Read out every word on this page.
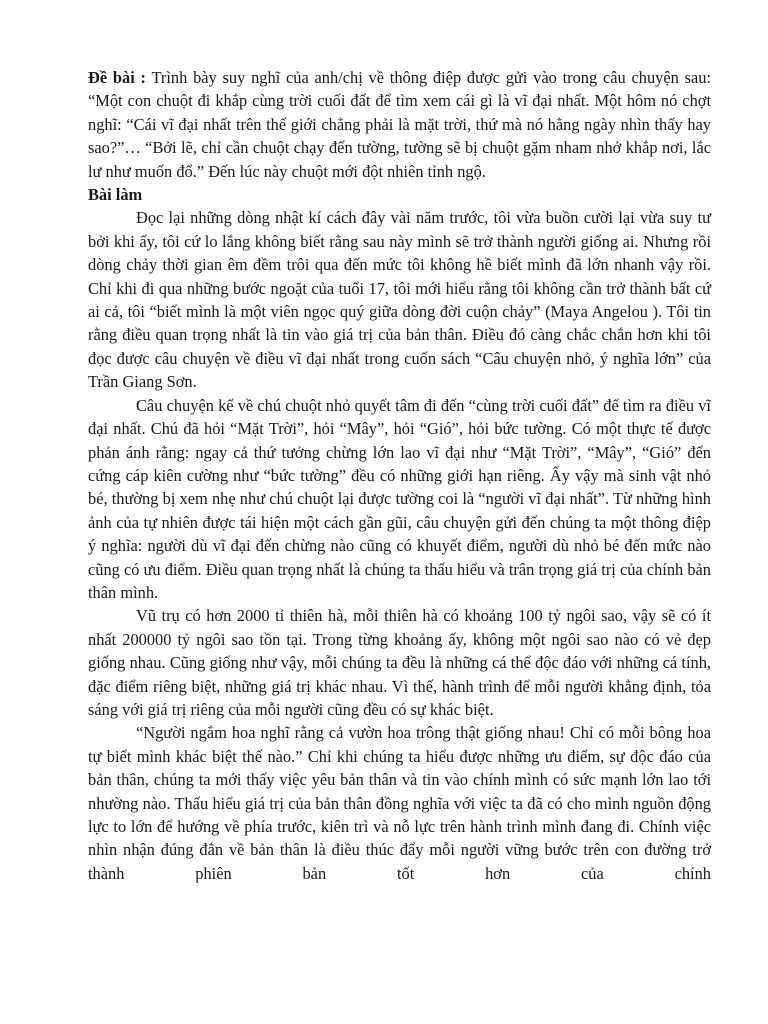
Đề bài : Trình bày suy nghĩ của anh/chị về thông điệp được gửi vào trong câu chuyện sau: “Một con chuột đi khắp cùng trời cuối đất để tìm xem cái gì là vĩ đại nhất. Một hôm nó chợt nghĩ: “Cái vĩ đại nhất trên thế giới chẳng phải là mặt trời, thứ mà nó hằng ngày nhìn thấy hay sao?”… “Bởi lẽ, chỉ cần chuột chạy đến tường, tường sẽ bị chuột gặm nham nhở khắp nơi, lắc lư như muốn đổ.” Đến lúc này chuột mới đột nhiên tỉnh ngộ.

Bài làm

Đọc lại những dòng nhật kí cách đây vài năm trước, tôi vừa buồn cười lại vừa suy tư bởi khi ấy, tôi cứ lo lắng không biết rằng sau này mình sẽ trở thành người giống ai. Nhưng rồi dòng chảy thời gian êm đềm trôi qua đến mức tôi không hề biết mình đã lớn nhanh vậy rồi. Chỉ khi đi qua những bước ngoặt của tuổi 17, tôi mới hiểu rằng tôi không cần trở thành bất cứ ai cả, tôi “biết mình là một viên ngọc quý giữa dòng đời cuộn chảy” (Maya Angelou ). Tôi tin rằng điều quan trọng nhất là tin vào giá trị của bản thân. Điều đó càng chắc chắn hơn khi tôi đọc được câu chuyện về điều vĩ đại nhất trong cuốn sách “Câu chuyện nhỏ, ý nghĩa lớn” của Trần Giang Sơn.

Câu chuyện kể về chú chuột nhỏ quyết tâm đi đến “cùng trời cuối đất” để tìm ra điều vĩ đại nhất. Chú đã hỏi “Mặt Trời”, hỏi “Mây”, hỏi “Gió”, hỏi bức tường. Có một thực tế được phản ánh rằng: ngay cả thứ tưởng chừng lớn lao vĩ đại như “Mặt Trời”, “Mây”, “Gió” đến cứng cáp kiên cường như “bức tường” đều có những giới hạn riêng. Ấy vậy mà sinh vật nhỏ bé, thường bị xem nhẹ như chú chuột lại được tường coi là “người vĩ đại nhất”. Từ những hình ảnh của tự nhiên được tái hiện một cách gần gũi, câu chuyện gửi đến chúng ta một thông điệp ý nghĩa: người dù vĩ đại đến chừng nào cũng có khuyết điểm, người dù nhỏ bé đến mức nào cũng có ưu điểm. Điều quan trọng nhất là chúng ta thấu hiểu và trân trọng giá trị của chính bản thân mình.

Vũ trụ có hơn 2000 tỉ thiên hà, mỗi thiên hà có khoảng 100 tỷ ngôi sao, vậy sẽ có ít nhất 200000 tỷ ngôi sao tồn tại. Trong từng khoảng ấy, không một ngôi sao nào có vẻ đẹp giống nhau. Cũng giống như vậy, mỗi chúng ta đều là những cá thể độc đáo với những cá tính, đặc điểm riêng biệt, những giá trị khác nhau. Vì thế, hành trình để mỗi người khẳng định, tỏa sáng với giá trị riêng của mỗi người cũng đều có sự khác biệt.

“Người ngắm hoa nghĩ rằng cả vườn hoa trông thật giống nhau! Chỉ có mỗi bông hoa tự biết mình khác biệt thế nào.” Chỉ khi chúng ta hiểu được những ưu điểm, sự độc đáo của bản thân, chúng ta mới thấy việc yêu bản thân và tin vào chính mình có sức mạnh lớn lao tới nhường nào. Thấu hiểu giá trị của bản thân đồng nghĩa với việc ta đã có cho mình nguồn động lực to lớn để hướng về phía trước, kiên trì và nỗ lực trên hành trình mình đang đi. Chính việc nhìn nhận đúng đắn về bản thân là điều thúc đẩy mỗi người vững bước trên con đường trở thành phiên bản tốt hơn của chính
